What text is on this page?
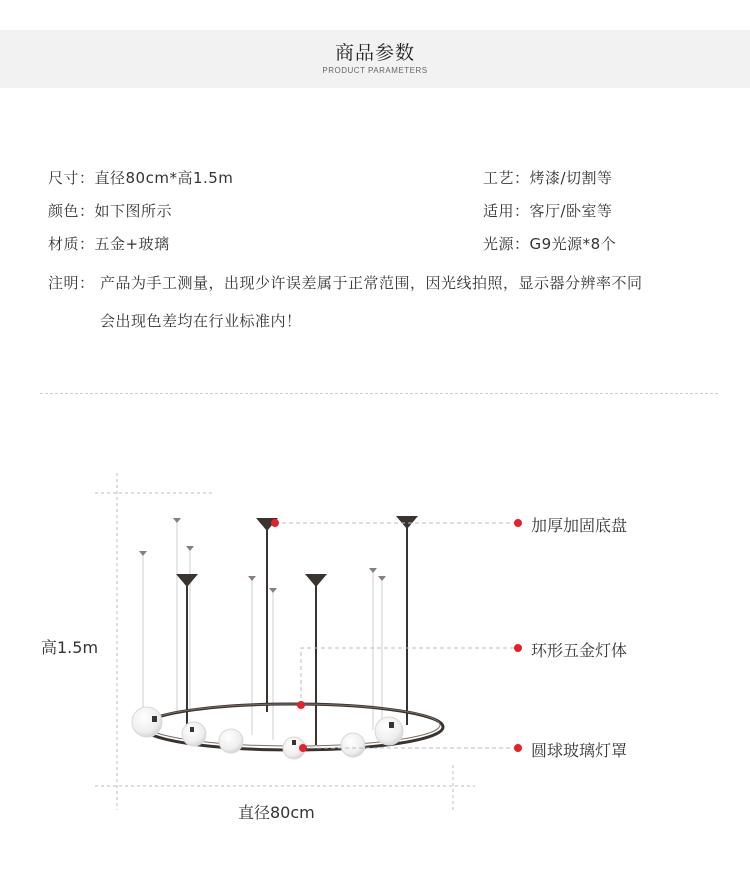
商品参数
PRODUCT PARAMETERS
尺寸：直径80cm*高1.5m
颜色：如下图所示
材质：五金+玻璃
工艺：烤漆/切割等
适用：客厅/卧室等
光源：G9光源*8个
注明： 产品为手工测量，出现少许误差属于正常范围，因光线拍照，显示器分辨率不同
会出现色差均在行业标准内！
加厚加固底盘
环形五金灯体
圆球玻璃灯罩
高1.5m
直径80cm
